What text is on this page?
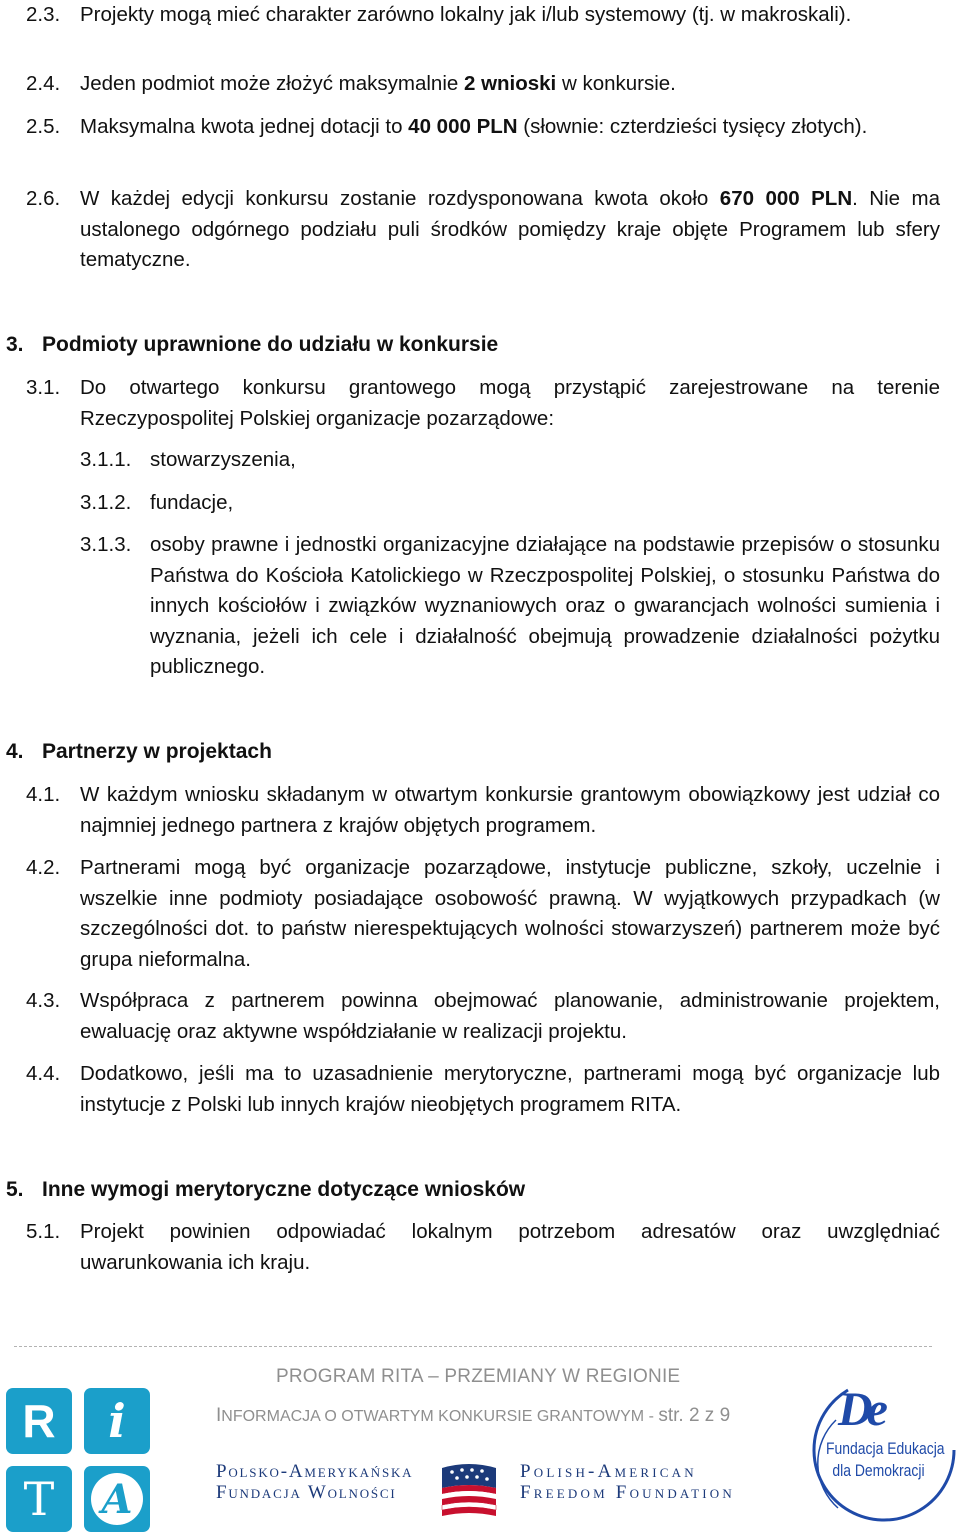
2.3. Projekty mogą mieć charakter zarówno lokalny jak i/lub systemowy (tj. w makroskali).
2.4. Jeden podmiot może złożyć maksymalnie 2 wnioski w konkursie.
2.5. Maksymalna kwota jednej dotacji to 40 000 PLN (słownie: czterdzieści tysięcy złotych).
2.6. W każdej edycji konkursu zostanie rozdysponowana kwota około 670 000 PLN. Nie ma ustalonego odgórnego podziału puli środków pomiędzy kraje objęte Programem lub sfery tematyczne.
3. Podmioty uprawnione do udziału w konkursie
3.1. Do otwartego konkursu grantowego mogą przystąpić zarejestrowane na terenie Rzeczypospolitej Polskiej organizacje pozarządowe:
3.1.1. stowarzyszenia,
3.1.2. fundacje,
3.1.3. osoby prawne i jednostki organizacyjne działające na podstawie przepisów o stosunku Państwa do Kościoła Katolickiego w Rzeczpospolitej Polskiej, o stosunku Państwa do innych kościołów i związków wyznaniowych oraz o gwarancjach wolności sumienia i wyznania, jeżeli ich cele i działalność obejmują prowadzenie działalności pożytku publicznego.
4. Partnerzy w projektach
4.1. W każdym wniosku składanym w otwartym konkursie grantowym obowiązkowy jest udział co najmniej jednego partnera z krajów objętych programem.
4.2. Partnerami mogą być organizacje pozarządowe, instytucje publiczne, szkoły, uczelnie i wszelkie inne podmioty posiadające osobowość prawną. W wyjątkowych przypadkach (w szczególności dot. to państw nierespektujących wolności stowarzyszeń) partnerem może być grupa nieformalna.
4.3. Współpraca z partnerem powinna obejmować planowanie, administrowanie projektem, ewaluację oraz aktywne współdziałanie w realizacji projektu.
4.4. Dodatkowo, jeśli ma to uzasadnienie merytoryczne, partnerami mogą być organizacje lub instytucje z Polski lub innych krajów nieobjętych programem RITA.
5. Inne wymogi merytoryczne dotyczące wniosków
5.1. Projekt powinien odpowiadać lokalnym potrzebom adresatów oraz uwzględniać uwarunkowania ich kraju.
PROGRAM RITA – PRZEMIANY W REGIONIE
INFORMACJA O OTWARTYM KONKURSIE GRANTOWYM - str. 2 z 9
R i
T A
Polsko-Amerykańska
Fundacja Wolności
Polish-American
Freedom Foundation
De
Fundacja Edukacja
dla Demokracji
